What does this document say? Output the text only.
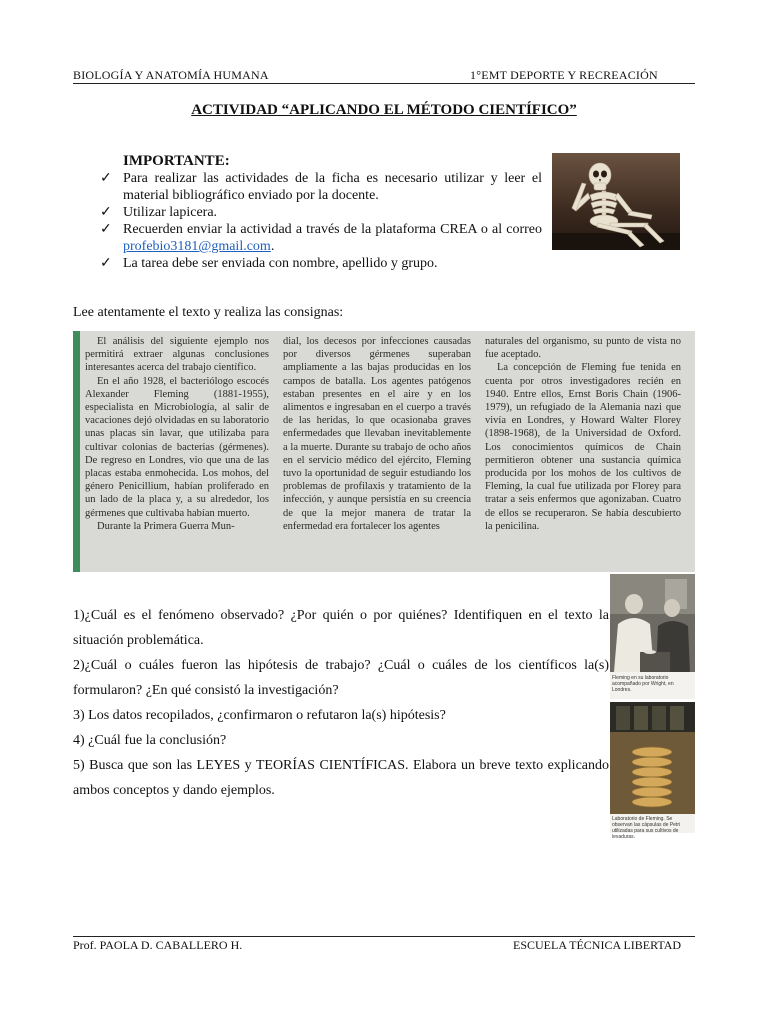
BIOLOGÍA Y ANATOMÍA HUMANA	1°EMT DEPORTE Y RECREACIÓN
ACTIVIDAD “APLICANDO EL MÉTODO CIENTÍFICO”
IMPORTANTE:
✓ Para realizar las actividades de la ficha es necesario utilizar y leer el material bibliográfico enviado por la docente.
✓ Utilizar lapicera.
✓ Recuerden enviar la actividad a través de la plataforma CREA o al correo profebio3181@gmail.com.
✓ La tarea debe ser enviada con nombre, apellido y grupo.
Lee atentamente el texto y realiza las consignas:

El análisis del siguiente ejemplo nos permitirá extraer algunas conclusiones interesantes acerca del trabajo científico.

En el año 1928, el bacteriólogo escocés Alexander Fleming (1881-1955), especialista en Microbiología, al salir de vacaciones dejó olvidadas en su laboratorio unas placas sin lavar, que utilizaba para cultivar colonias de bacterias (gérmenes). De regreso en Londres, vio que una de las placas estaba enmohecida. Los mohos, del género Penicillium, habían proliferado en un lado de la placa y, a su alrededor, los gérmenes que cultivaba habían muerto.

Durante la Primera Guerra Mun-

dial, los decesos por infecciones causadas por diversos gérmenes superaban ampliamente a las bajas producidas en los campos de batalla. Los agentes patógenos estaban presentes en el aire y en los alimentos e ingresaban en el cuerpo a través de las heridas, lo que ocasionaba graves enfermedades que llevaban inevitablemente a la muerte. Durante su trabajo de ocho años en el servicio médico del ejército, Fleming tuvo la oportunidad de seguir estudiando los problemas de profilaxis y tratamiento de la infección, y aunque persistía en su creencia de que la mejor manera de tratar la enfermedad era fortalecer los agentes

naturales del organismo, su punto de vista no fue aceptado.

La concepción de Fleming fue tenida en cuenta por otros investigadores recién en 1940. Entre ellos, Ernst Boris Chain (1906-1979), un refugiado de la Alemania nazi que vivía en Londres, y Howard Walter Florey (1898-1968), de la Universidad de Oxford. Los conocimientos químicos de Chain permitieron obtener una sustancia química producida por los mohos de los cultivos de Fleming, la cual fue utilizada por Florey para tratar a seis enfermos que agonizaban. Cuatro de ellos se recuperaron. Se había descubierto la penicilina.

1)¿Cuál es el fenómeno observado? ¿Por quién o por quiénes? Identifiquen en el texto la situación problemática.
2)¿Cuál o cuáles fueron las hipótesis de trabajo? ¿Cuál o cuáles de los científicos la(s) formularon? ¿En qué consistó la investigación?
3) Los datos recopilados, ¿confirmaron o refutaron la(s) hipótesis?
4) ¿Cuál fue la conclusión?
5) Busca que son las LEYES y TEORÍAS CIENTÍFICAS. Elabora un breve texto explicando ambos conceptos y dando ejemplos.
Fleming en su laboratorio acompañado por Wright, en Londres.
Laboratorio de Fleming. Se observan las cápsulas de Petri utilizadas para sus cultivos de levaduras.
Prof. PAOLA D. CABALLERO H.	ESCUELA TÉCNICA LIBERTAD
